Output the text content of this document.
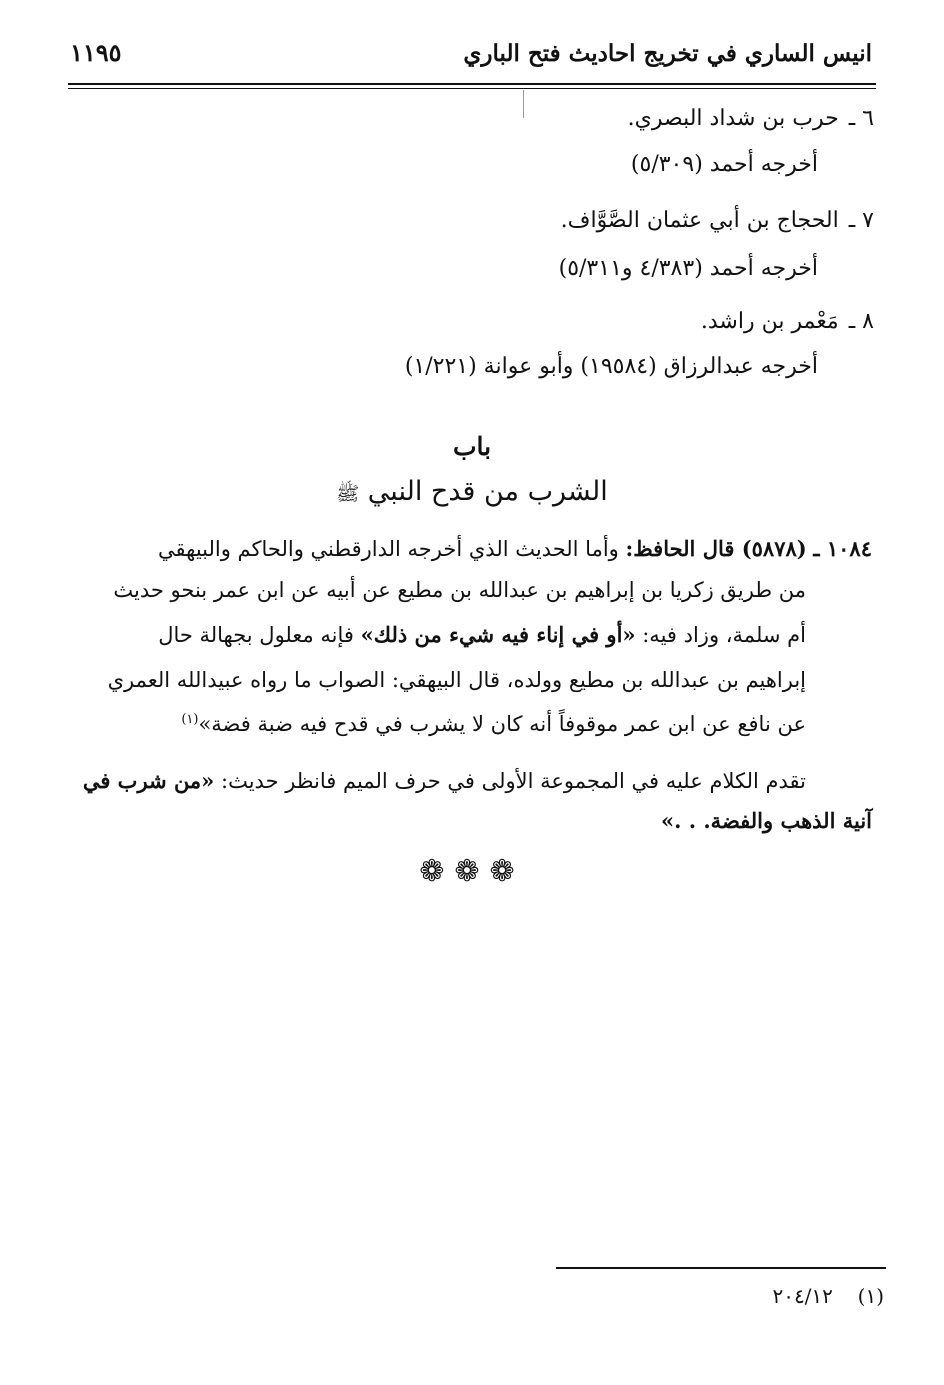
انيس الساري في تخريج احاديث فتح الباري
١١٩٥
٦ ـحرب بن شداد البصري.
أخرجه أحمد (٥/٣٠٩)
٧ ـالحجاج بن أبي عثمان الصَّوَّاف.
أخرجه أحمد (٤/٣٨٣ و٥/٣١١)
٨ ـمَعْمر بن راشد.
أخرجه عبدالرزاق (١٩٥٨٤) وأبو عوانة (١/٢٢١)
باب
الشرب من قدح النبي ﷺ
١٠٨٤ ـ (٥٨٧٨) قال الحافظ: وأما الحديث الذي أخرجه الدارقطني والحاكم والبيهقي
من طريق زكريا بن إبراهيم بن عبدالله بن مطيع عن أبيه عن ابن عمر بنحو حديث
أم سلمة، وزاد فيه: «أو في إناء فيه شيء من ذلك» فإنه معلول بجهالة حال
إبراهيم بن عبدالله بن مطيع وولده، قال البيهقي: الصواب ما رواه عبيدالله العمري
عن نافع عن ابن عمر موقوفاً أنه كان لا يشرب في قدح فيه ضبة فضة»$^{(١)}$
تقدم الكلام عليه في المجموعة الأولى في حرف الميم فانظر حديث: «من شرب في
آنية الذهب والفضة. . .»
❁❁❁
(١)  ٢٠٤/١٢
